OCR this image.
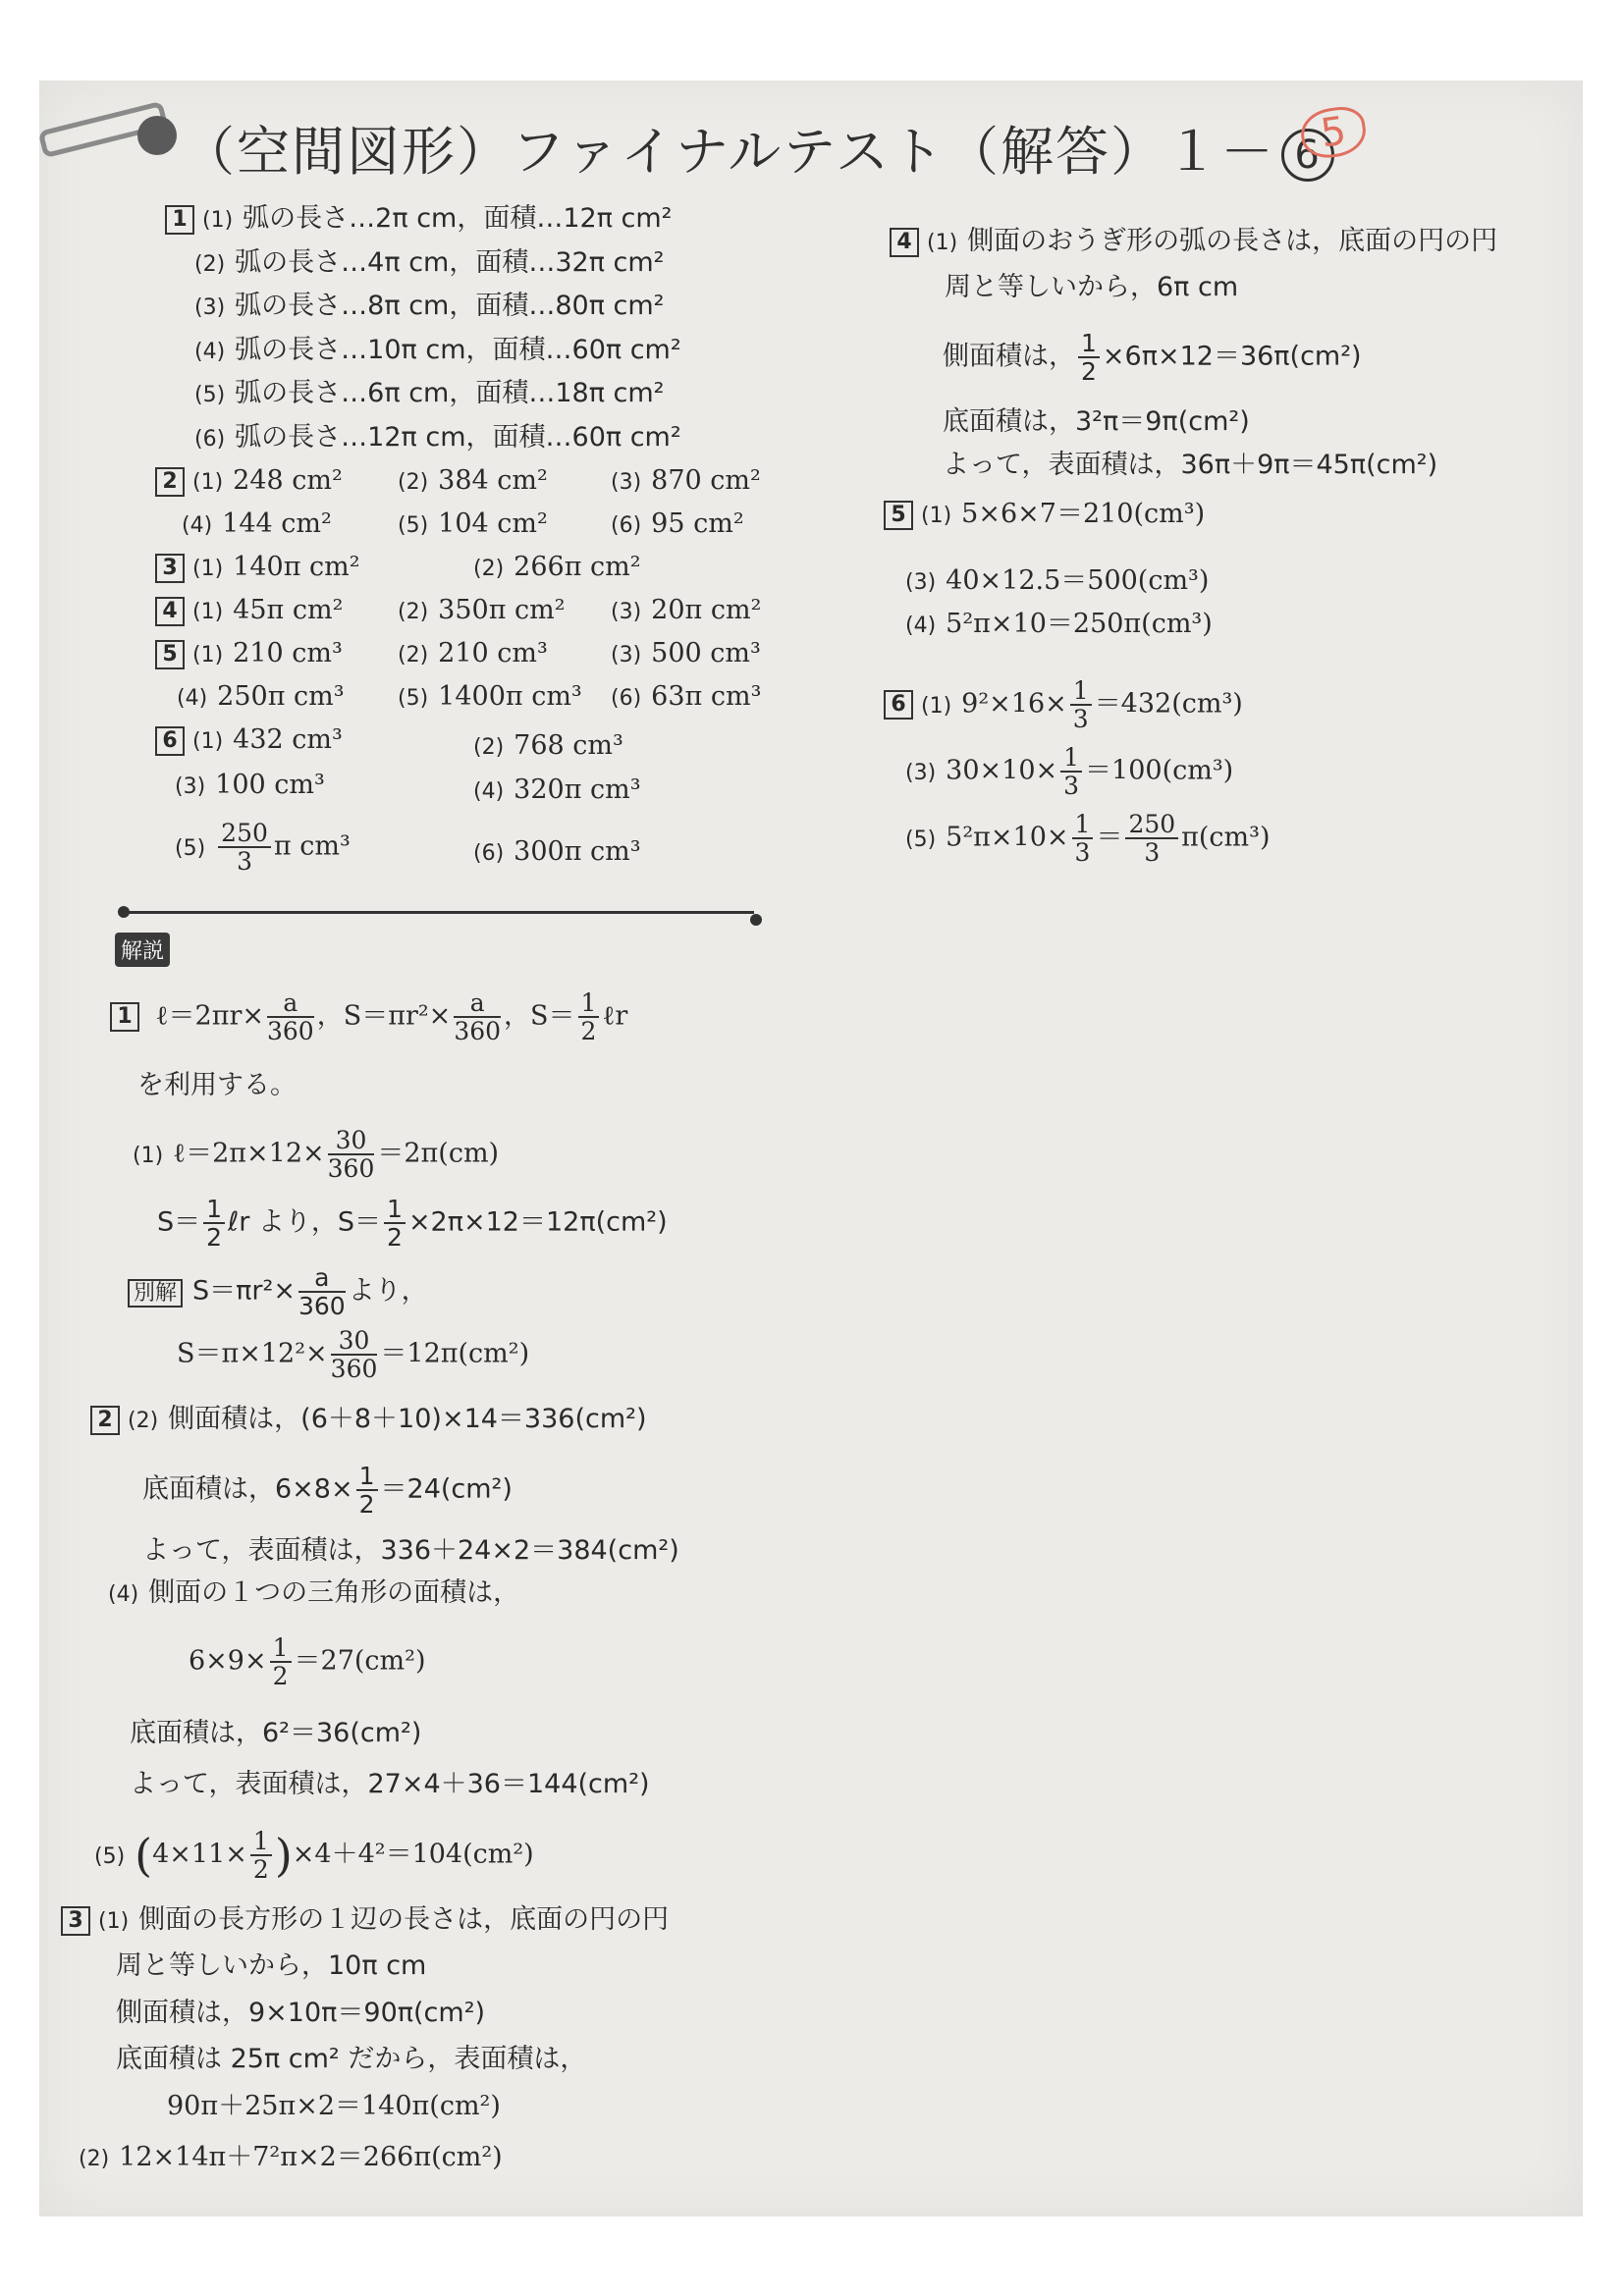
（空間図形）ファイナルテスト（解答）１－ 6
5
1 (1) 弧の長さ…2π cm，面積…12π cm²
(2) 弧の長さ…4π cm，面積…32π cm²
(3) 弧の長さ…8π cm，面積…80π cm²
(4) 弧の長さ…10π cm，面積…60π cm²
(5) 弧の長さ…6π cm，面積…18π cm²
(6) 弧の長さ…12π cm，面積…60π cm²
2 (1) 248 cm²	(2) 384 cm²	(3) 870 cm²
(4) 144 cm²	(5) 104 cm²	(6) 95 cm²
3 (1) 140π cm²	(2) 266π cm²
4 (1) 45π cm²	(2) 350π cm² (3) 20π cm²
5 (1) 210 cm³	(2) 210 cm³	(3) 500 cm³
(4) 250π cm³ (5) 1400π cm³ (6) 63π cm³
6 (1) 432 cm³	(2) 768 cm³
(3) 100 cm³	(4) 320π cm³
$(5) \frac{250}{3}$ π cm³	(6) 300π cm³
解説
1 ℓ＝2πr× $\frac{a}{360}$ ，$S=\pi r^2\times \frac{a}{360}$ ，$S= \frac{1}{2}$ ℓr
を利用する。
(1) ℓ＝2π×12× $\frac{30}{360} =2\pi(cm)$
$S= \frac{1}{2}$ ℓr より，$S= \frac{1}{2} \times 2\pi\times 12=12\pi(cm^2)$
別解 $S=\pi r^2\times \frac{a}{360}$ より，
$S=\pi\times 12^2\times \frac{30}{360} =12\pi(cm^2)$
2 (2) 側面積は，(6＋8＋10)×14＝336(cm²)
底面積は，$6\times 8\times \frac{1}{2} =24(cm^2)$
よって，表面積は，336＋24×2＝384(cm²)
(4) 側面の１つの三角形の面積は，
$6\times 9\times \frac{1}{2} =27(cm^2)$
底面積は，6²＝36(cm²)
よって，表面積は，27×4＋36＝144(cm²)
(5) $(4\times 11\times \frac{1}{2} )\times 4+4^2=104(cm^2)$
3 (1) 側面の長方形の１辺の長さは，底面の円の円
周と等しいから，10π cm
側面積は，9×10π＝90π(cm²)
底面積は 25π cm² だから，表面積は，
90π＋25π×2＝140π(cm²)
(2) 12×14π＋7²π×2＝266π(cm²)
4 (1) 側面のおうぎ形の弧の長さは，底面の円の円
周と等しいから，6π cm
側面積は， $\frac{1}{2} \times 6\pi\times 12=36\pi(cm^2)$
底面積は，3²π＝9π(cm²)
よって，表面積は，36π＋9π＝45π(cm²)
5 (1) 5×6×7＝210(cm³)
(3) 40×12.5＝500(cm³)
(4) 5²π×10＝250π(cm³)
6 (1) $9^2\times 16\times \frac{1}{3} =432(cm^3)$
(3) $30\times 10\times \frac{1}{3} =100(cm^3)$
(5) $5^2\pi\times 10\times \frac{1}{3} = \frac{250}{3} \pi(cm^3)$
